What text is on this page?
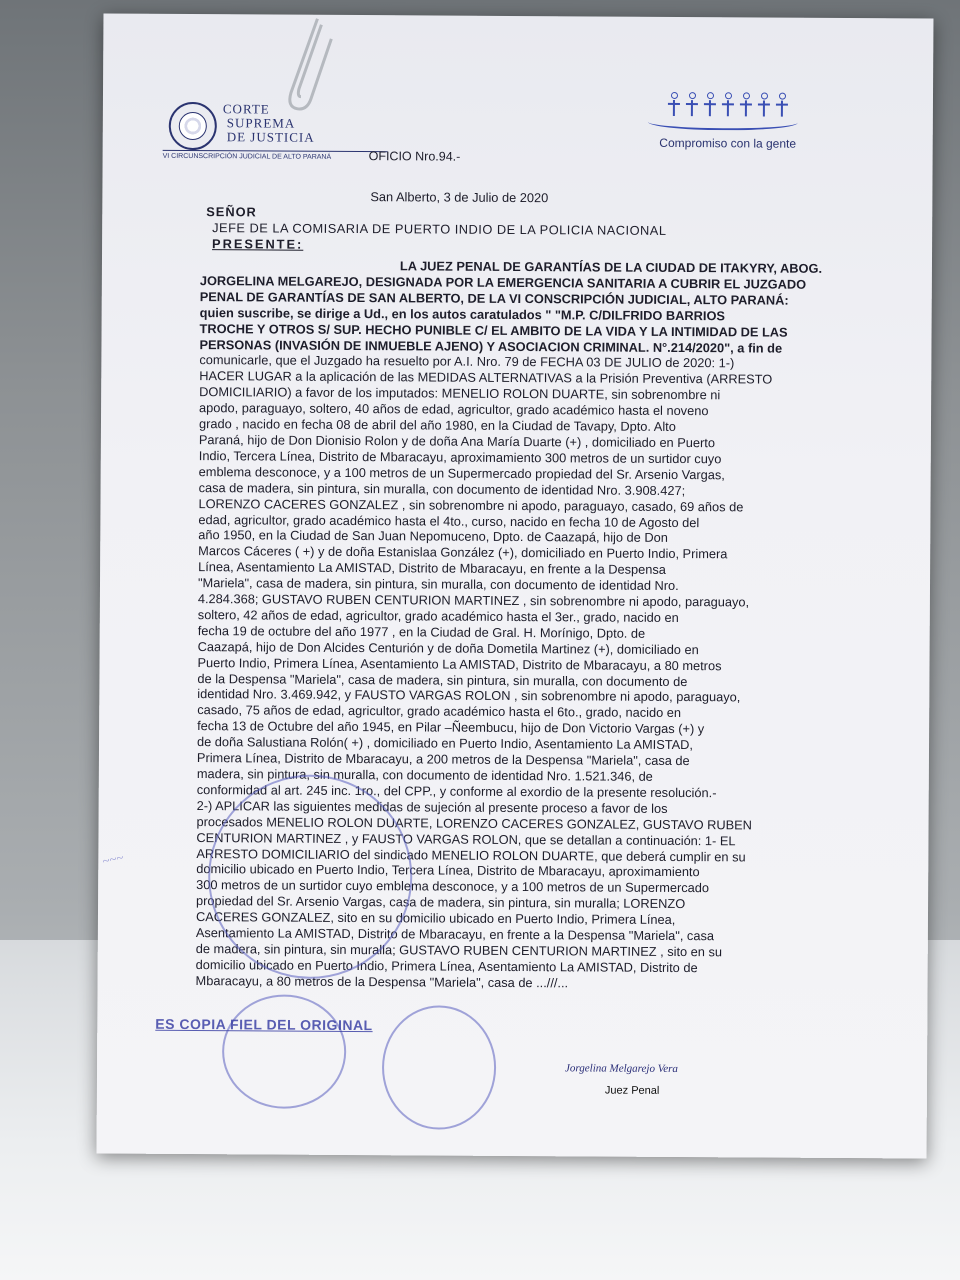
CORTE
SUPREMA
DE JUSTICIA
VI CIRCUNSCRIPCIÓN JUDICIAL DE ALTO PARANÁ
Compromiso con la gente
OFICIO Nro.94.-
San Alberto, 3 de Julio de 2020
SEÑOR
JEFE DE LA COMISARIA DE PUERTO INDIO DE LA POLICIA NACIONAL
PRESENTE:

LA JUEZ PENAL DE GARANTÍAS DE LA CIUDAD DE ITAKYRY, ABOG.

JORGELINA MELGAREJO, DESIGNADA POR LA EMERGENCIA SANITARIA A CUBRIR EL JUZGADO

PENAL DE GARANTÍAS DE SAN ALBERTO, DE LA VI CONSCRIPCIÓN JUDICIAL, ALTO PARANÁ:

quien suscribe, se dirige a Ud., en los autos caratulados " "M.P. C/DILFRIDO BARRIOS

TROCHE Y OTROS S/ SUP. HECHO PUNIBLE C/ EL AMBITO DE LA VIDA Y LA INTIMIDAD DE LAS

PERSONAS (INVASIÓN DE INMUEBLE AJENO) Y ASOCIACION CRIMINAL. N°.214/2020", a fin de

comunicarle, que el Juzgado ha resuelto por A.I. Nro. 79 de FECHA 03 DE JULIO de 2020: 1-)

HACER LUGAR a la aplicación de las MEDIDAS ALTERNATIVAS a la Prisión Preventiva (ARRESTO

DOMICILIARIO) a favor de los imputados: MENELIO ROLON DUARTE, sin sobrenombre ni

apodo, paraguayo, soltero, 40 años de edad, agricultor, grado académico hasta el noveno

grado , nacido en fecha 08 de abril del año 1980, en la Ciudad de Tavapy, Dpto. Alto

Paraná, hijo de Don Dionisio Rolon y de doña Ana María Duarte (+) , domiciliado en Puerto

Indio, Tercera Línea, Distrito de Mbaracayu, aproximamiento 300 metros de un surtidor cuyo

emblema desconoce, y a 100 metros de un Supermercado propiedad del Sr. Arsenio Vargas,

casa de madera, sin pintura, sin muralla, con documento de identidad Nro. 3.908.427;

LORENZO CACERES GONZALEZ , sin sobrenombre ni apodo, paraguayo, casado, 69 años de

edad, agricultor, grado académico hasta el 4to., curso, nacido en fecha 10 de Agosto del

año 1950, en la Ciudad de San Juan Nepomuceno, Dpto. de Caazapá, hijo de Don

Marcos Cáceres ( +) y de doña Estanislaa González (+), domiciliado en Puerto Indio, Primera

Línea, Asentamiento La AMISTAD, Distrito de Mbaracayu, en frente a la Despensa

"Mariela", casa de madera, sin pintura, sin muralla, con documento de identidad Nro.

4.284.368; GUSTAVO RUBEN CENTURION MARTINEZ , sin sobrenombre ni apodo, paraguayo,

soltero, 42 años de edad, agricultor, grado académico hasta el 3er., grado, nacido en

fecha 19 de octubre del año 1977 , en la Ciudad de Gral. H. Morínigo, Dpto. de

Caazapá, hijo de Don Alcides Centurión y de doña Dometila Martinez (+), domiciliado en

Puerto Indio, Primera Línea, Asentamiento La AMISTAD, Distrito de Mbaracayu, a 80 metros

de la Despensa "Mariela", casa de madera, sin pintura, sin muralla, con documento de

identidad Nro. 3.469.942, y FAUSTO VARGAS ROLON , sin sobrenombre ni apodo, paraguayo,

casado, 75 años de edad, agricultor, grado académico hasta el 6to., grado, nacido en

fecha 13 de Octubre del año 1945, en Pilar –Ñeembucu, hijo de Don Victorio Vargas (+) y

de doña Salustiana Rolón( +) , domiciliado en Puerto Indio, Asentamiento La AMISTAD,

Primera Línea, Distrito de Mbaracayu, a 200 metros de la Despensa "Mariela", casa de

madera, sin pintura, sin muralla, con documento de identidad Nro. 1.521.346, de

conformidad al art. 245 inc. 1ro., del CPP., y conforme al exordio de la presente resolución.-

2-) APLICAR las siguientes medidas de sujeción al presente proceso a favor de los

procesados MENELIO ROLON DUARTE, LORENZO CACERES GONZALEZ, GUSTAVO RUBEN

CENTURION MARTINEZ , y FAUSTO VARGAS ROLON, que se detallan a continuación: 1- EL

ARRESTO DOMICILIARIO del sindicado MENELIO ROLON DUARTE, que deberá cumplir en su

domicilio ubicado en Puerto Indio, Tercera Línea, Distrito de Mbaracayu, aproximamiento

300 metros de un surtidor cuyo emblema desconoce, y a 100 metros de un Supermercado

propiedad del Sr. Arsenio Vargas, casa de madera, sin pintura, sin muralla; LORENZO

CACERES GONZALEZ, sito en su domicilio ubicado en Puerto Indio, Primera Línea,

Asentamiento La AMISTAD, Distrito de Mbaracayu, en frente a la Despensa "Mariela", casa

de madera, sin pintura, sin muralla; GUSTAVO RUBEN CENTURION MARTINEZ , sito en su

domicilio ubicado en Puerto Indio, Primera Línea, Asentamiento La AMISTAD, Distrito de

Mbaracayu, a 80 metros de la Despensa "Mariela", casa de ...///...

~~~
ES COPIA FIEL DEL ORIGINAL
Jorgelina Melgarejo Vera
Juez Penal
